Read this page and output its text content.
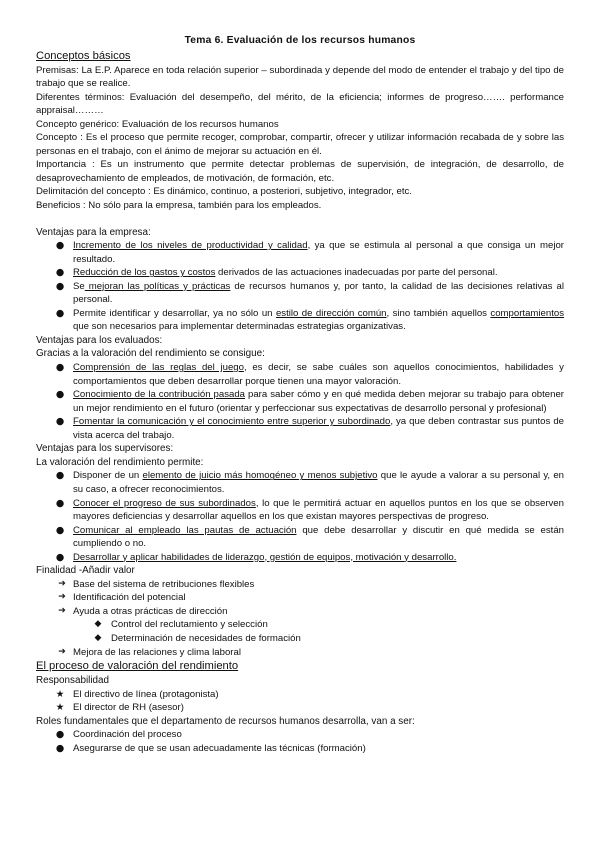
Tema 6. Evaluación de los recursos humanos
Conceptos básicos
Premisas: La E.P. Aparece en toda relación superior – subordinada y depende del modo de entender el trabajo y del tipo de trabajo que se realice.
Diferentes términos: Evaluación del desempeño, del mérito, de la eficiencia; informes de progreso……. performance appraisal………
Concepto genérico: Evaluación de los recursos humanos
Concepto : Es el proceso que permite recoger, comprobar, compartir, ofrecer y utilizar información recabada de y sobre las personas en el trabajo, con el ánimo de mejorar su actuación en él.
Importancia : Es un instrumento que permite detectar problemas de supervisión, de integración, de desarrollo, de desaprovechamiento de empleados, de motivación, de formación, etc.
Delimitación del concepto : Es dinámico, continuo, a posteriori, subjetivo, integrador, etc.
Beneficios : No sólo para la empresa, también para los empleados.
Ventajas para la empresa:
● Incremento de los niveles de productividad y calidad, ya que se estimula al personal a que consiga un mejor resultado.
● Reducción de los gastos y costos derivados de las actuaciones inadecuadas por parte del personal.
● Se mejoran las políticas y prácticas de recursos humanos y, por tanto, la calidad de las decisiones relativas al personal.
● Permite identificar y desarrollar, ya no sólo un estilo de dirección común, sino también aquellos comportamientos que son necesarios para implementar determinadas estrategias organizativas.
Ventajas para los evaluados:
Gracias a la valoración del rendimiento se consigue:
● Comprensión de las reglas del juego, es decir, se sabe cuáles son aquellos conocimientos, habilidades y comportamientos que deben desarrollar porque tienen una mayor valoración.
● Conocimiento de la contribución pasada para saber cómo y en qué medida deben mejorar su trabajo para obtener un mejor rendimiento en el futuro (orientar y perfeccionar sus expectativas de desarrollo personal y profesional)
● Fomentar la comunicación y el conocimiento entre superior y subordinado, ya que deben contrastar sus puntos de vista acerca del trabajo.
Ventajas para los supervisores:
La valoración del rendimiento permite:
● Disponer de un elemento de juicio más homogéneo y menos subjetivo que le ayude a valorar a su personal y, en su caso, a ofrecer reconocimientos.
● Conocer el progreso de sus subordinados, lo que le permitirá actuar en aquellos puntos en los que se observen mayores deficiencias y desarrollar aquellos en los que existan mayores perspectivas de progreso.
● Comunicar al empleado las pautas de actuación que debe desarrollar y discutir en qué medida se están cumpliendo o no.
● Desarrollar y aplicar habilidades de liderazgo, gestión de equipos, motivación y desarrollo.
Finalidad -Añadir valor
➔ Base del sistema de retribuciones flexibles
➔ Identificación del potencial
➔ Ayuda a otras prácticas de dirección
◆ Control del reclutamiento y selección
◆ Determinación de necesidades de formación
➔ Mejora de las relaciones y clima laboral
El proceso de valoración del rendimiento
Responsabilidad
★ El directivo de línea (protagonista)
★ El director de RH (asesor)
Roles fundamentales que el departamento de recursos humanos desarrolla, van a ser:
● Coordinación del proceso
● Asegurarse de que se usan adecuadamente las técnicas (formación)
